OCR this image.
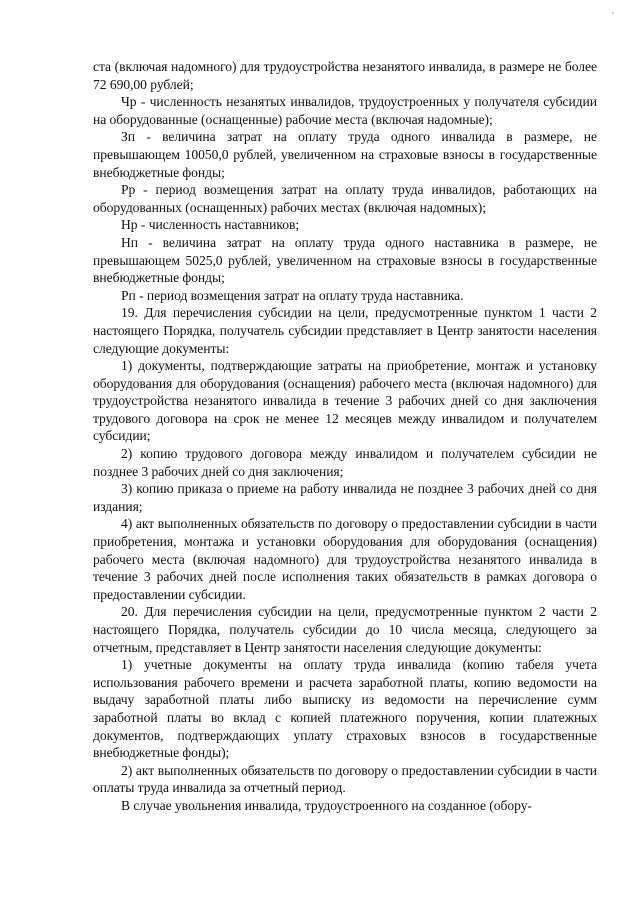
ста (включая надомного) для трудоустройства незанятого инвалида, в размере не более 72 690,00 рублей;

Чр - численность незанятых инвалидов, трудоустроенных у получателя субсидии на оборудованные (оснащенные) рабочие места (включая надомные);

Зп - величина затрат на оплату труда одного инвалида в размере, не превышающем 10050,0 рублей, увеличенном на страховые взносы в государственные внебюджетные фонды;

Рр - период возмещения затрат на оплату труда инвалидов, работающих на оборудованных (оснащенных) рабочих местах (включая надомных);

Нр - численность наставников;

Нп - величина затрат на оплату труда одного наставника в размере, не превышающем 5025,0 рублей, увеличенном на страховые взносы в государственные внебюджетные фонды;

Рп - период возмещения затрат на оплату труда наставника.

19. Для перечисления субсидии на цели, предусмотренные пунктом 1 части 2 настоящего Порядка, получатель субсидии представляет в Центр занятости населения следующие документы:

1) документы, подтверждающие затраты на приобретение, монтаж и установку оборудования для оборудования (оснащения) рабочего места (включая надомного) для трудоустройства незанятого инвалида в течение 3 рабочих дней со дня заключения трудового договора на срок не менее 12 месяцев между инвалидом и получателем субсидии;

2) копию трудового договора между инвалидом и получателем субсидии не позднее 3 рабочих дней со дня заключения;

3) копию приказа о приеме на работу инвалида не позднее 3 рабочих дней со дня издания;

4) акт выполненных обязательств по договору о предоставлении субсидии в части приобретения, монтажа и установки оборудования для оборудования (оснащения) рабочего места (включая надомного) для трудоустройства незанятого инвалида в течение 3 рабочих дней после исполнения таких обязательств в рамках договора о предоставлении субсидии.

20. Для перечисления субсидии на цели, предусмотренные пунктом 2 части 2 настоящего Порядка, получатель субсидии до 10 числа месяца, следующего за отчетным, представляет в Центр занятости населения следующие документы:

1) учетные документы на оплату труда инвалида (копию табеля учета использования рабочего времени и расчета заработной платы, копию ведомости на выдачу заработной платы либо выписку из ведомости на перечисление сумм заработной платы во вклад с копией платежного поручения, копии платежных документов, подтверждающих уплату страховых взносов в государственные внебюджетные фонды);

2) акт выполненных обязательств по договору о предоставлении субсидии в части оплаты труда инвалида за отчетный период.

В случае увольнения инвалида, трудоустроенного на созданное (обору-
